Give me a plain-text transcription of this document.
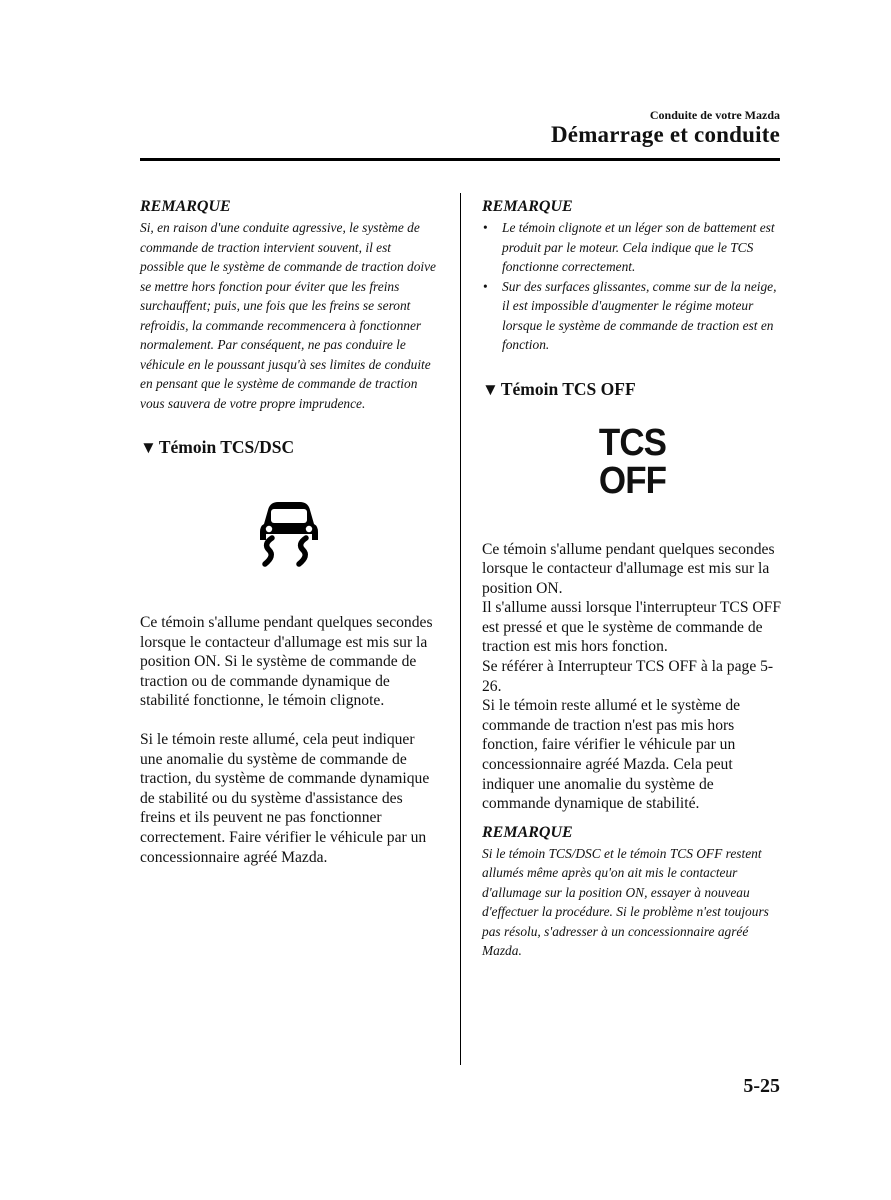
Conduite de votre Mazda
Démarrage et conduite
REMARQUE
Si, en raison d'une conduite agressive, le système de commande de traction intervient souvent, il est possible que le système de commande de traction doive se mettre hors fonction pour éviter que les freins surchauffent; puis, une fois que les freins se seront refroidis, la commande recommencera à fonctionner normalement. Par conséquent, ne pas conduire le véhicule en le poussant jusqu'à ses limites de conduite en pensant que le système de commande de traction vous sauvera de votre propre imprudence.
▼ Témoin TCS/DSC
Ce témoin s'allume pendant quelques secondes lorsque le contacteur d'allumage est mis sur la position ON. Si le système de commande de traction ou de commande dynamique de stabilité fonctionne, le témoin clignote.
Si le témoin reste allumé, cela peut indiquer une anomalie du système de commande de traction, du système de commande dynamique de stabilité ou du système d'assistance des freins et ils peuvent ne pas fonctionner correctement. Faire vérifier le véhicule par un concessionnaire agréé Mazda.
REMARQUE
• Le témoin clignote et un léger son de battement est produit par le moteur. Cela indique que le TCS fonctionne correctement.
• Sur des surfaces glissantes, comme sur de la neige, il est impossible d'augmenter le régime moteur lorsque le système de commande de traction est en fonction.
▼ Témoin TCS OFF
TCS
OFF
Ce témoin s'allume pendant quelques secondes lorsque le contacteur d'allumage est mis sur la position ON.
Il s'allume aussi lorsque l'interrupteur TCS OFF est pressé et que le système de commande de traction est mis hors fonction.
Se référer à Interrupteur TCS OFF à la page 5-26.
Si le témoin reste allumé et le système de commande de traction n'est pas mis hors fonction, faire vérifier le véhicule par un concessionnaire agréé Mazda. Cela peut indiquer une anomalie du système de commande dynamique de stabilité.
REMARQUE
Si le témoin TCS/DSC et le témoin TCS OFF restent allumés même après qu'on ait mis le contacteur d'allumage sur la position ON, essayer à nouveau d'effectuer la procédure. Si le problème n'est toujours pas résolu, s'adresser à un concessionnaire agréé Mazda.
5-25
